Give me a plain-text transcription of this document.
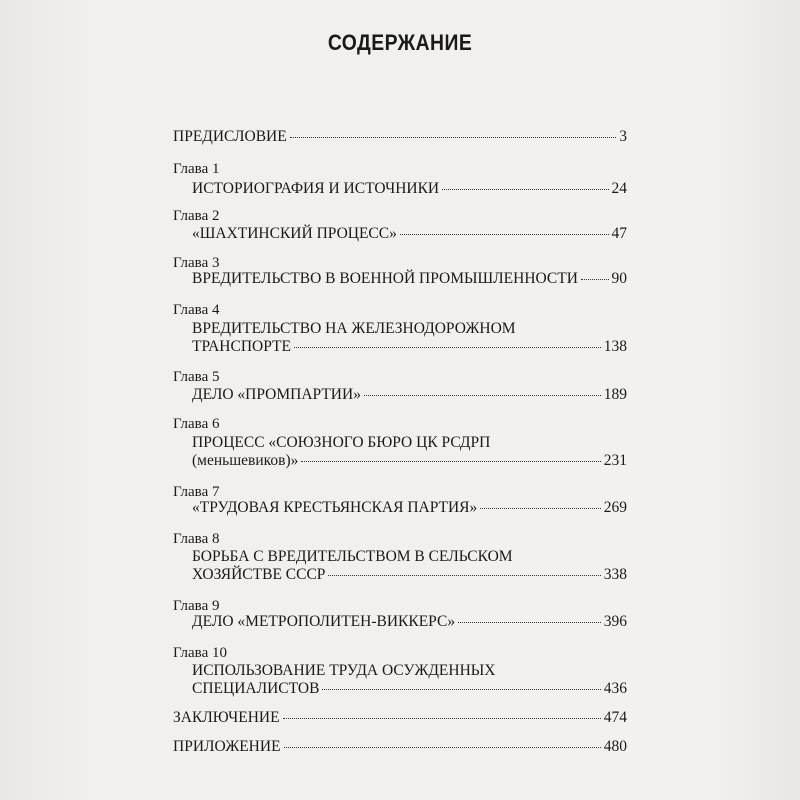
СОДЕРЖАНИЕ
ПРЕДИСЛОВИЕ	3
Глава 1
ИСТОРИОГРАФИЯ И ИСТОЧНИКИ	24
Глава 2
«ШАХТИНСКИЙ ПРОЦЕСС»	47
Глава 3
ВРЕДИТЕЛЬСТВО В ВОЕННОЙ ПРОМЫШЛЕННОСТИ 90
Глава 4
ВРЕДИТЕЛЬСТВО НА ЖЕЛЕЗНОДОРОЖНОМ
ТРАНСПОРТЕ	138
Глава 5
ДЕЛО «ПРОМПАРТИИ»	189
Глава 6
ПРОЦЕСС «СОЮЗНОГО БЮРО ЦК РСДРП
(меньшевиков)»	231
Глава 7
«ТРУДОВАЯ КРЕСТЬЯНСКАЯ ПАРТИЯ»	269
Глава 8
БОРЬБА С ВРЕДИТЕЛЬСТВОМ В СЕЛЬСКОМ
ХОЗЯЙСТВЕ СССР	338
Глава 9
ДЕЛО «МЕТРОПОЛИТЕН-ВИККЕРС»	396
Глава 10
ИСПОЛЬЗОВАНИЕ ТРУДА ОСУЖДЕННЫХ
СПЕЦИАЛИСТОВ	436
ЗАКЛЮЧЕНИЕ	474
ПРИЛОЖЕНИЕ	480
